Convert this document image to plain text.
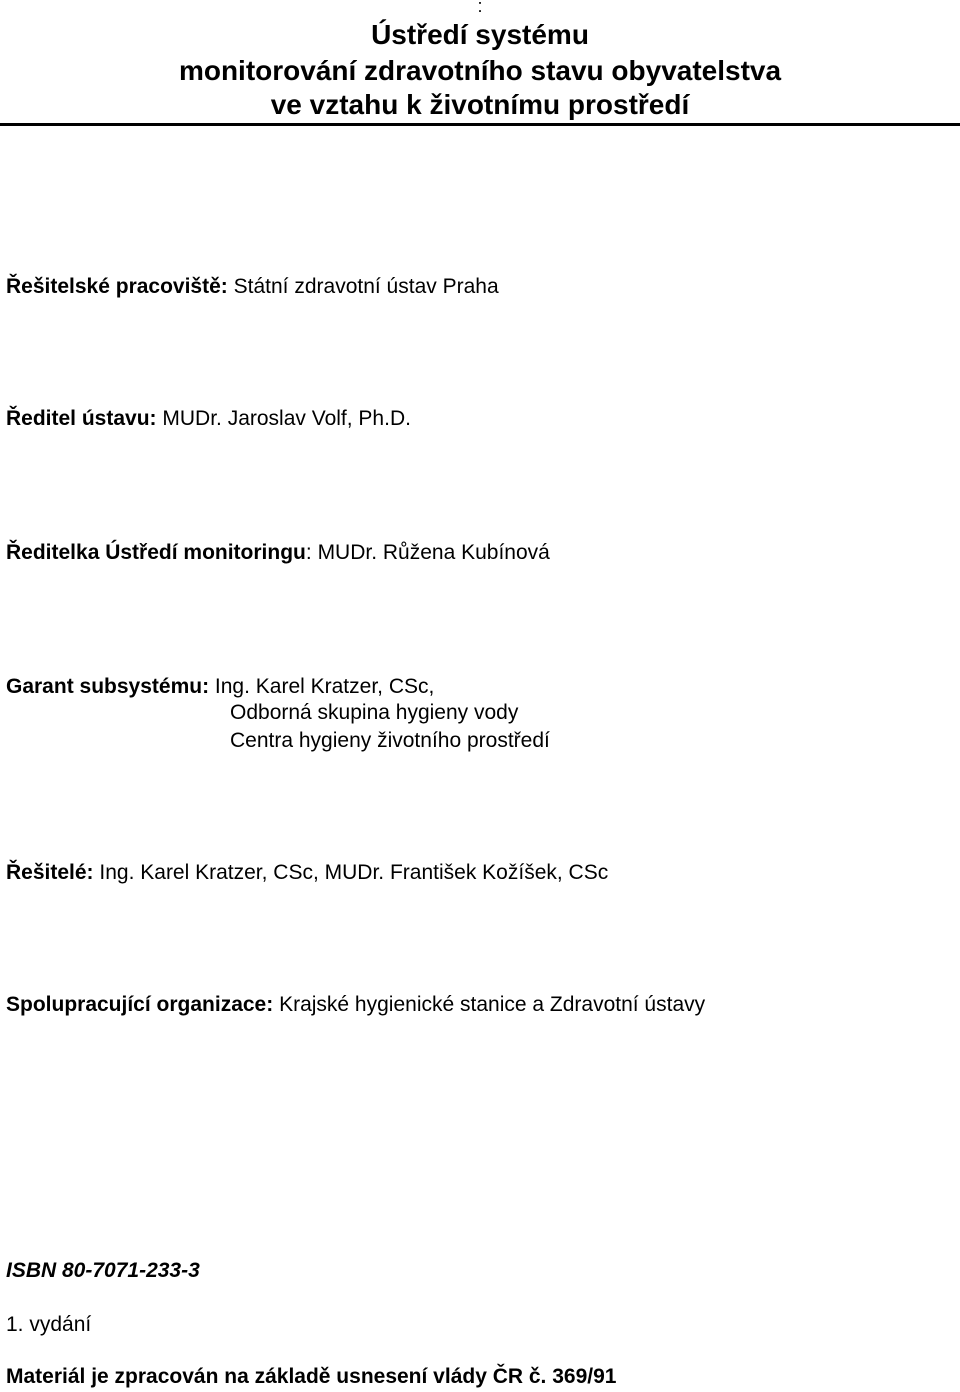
:
Ústředí systému
monitorování zdravotního stavu obyvatelstva
ve vztahu k životnímu prostředí
Řešitelské pracoviště: Státní zdravotní ústav Praha
Ředitel ústavu: MUDr. Jaroslav Volf, Ph.D.
Ředitelka Ústředí monitoringu: MUDr. Růžena Kubínová
Garant subsystému: Ing. Karel Kratzer, CSc,
Odborná skupina hygieny vody
Centra hygieny životního prostředí
Řešitelé: Ing. Karel Kratzer, CSc, MUDr. František Kožíšek, CSc
Spolupracující organizace: Krajské hygienické stanice a Zdravotní ústavy
ISBN 80-7071-233-3
1. vydání
Materiál je zpracován na základě usnesení vlády ČR č. 369/91
